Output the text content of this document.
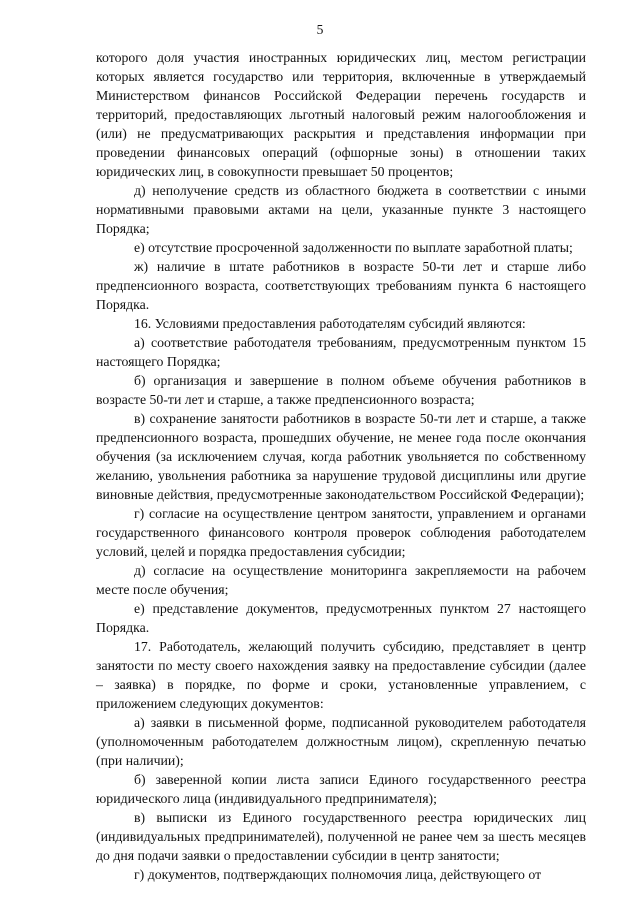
5

которого доля участия иностранных юридических лиц, местом регистрации которых является государство или территория, включенные в утверждаемый Министерством финансов Российской Федерации перечень государств и территорий, предоставляющих льготный налоговый режим налогообложения и (или) не предусматривающих раскрытия и представления информации при проведении финансовых операций (офшорные зоны) в отношении таких юридических лиц, в совокупности превышает 50 процентов;

д) неполучение средств из областного бюджета в соответствии с иными нормативными правовыми актами на цели, указанные пункте 3 настоящего Порядка;

е) отсутствие просроченной задолженности по выплате заработной платы;

ж) наличие в штате работников в возрасте 50-ти лет и старше либо предпенсионного возраста, соответствующих требованиям пункта 6 настоящего Порядка.

16. Условиями предоставления работодателям субсидий являются:

а) соответствие работодателя требованиям, предусмотренным пунктом 15 настоящего Порядка;

б) организация и завершение в полном объеме обучения работников в возрасте 50-ти лет и старше, а также предпенсионного возраста;

в) сохранение занятости работников в возрасте 50-ти лет и старше, а также предпенсионного возраста, прошедших обучение, не менее года после окончания обучения (за исключением случая, когда работник увольняется по собственному желанию, увольнения работника за нарушение трудовой дисциплины или другие виновные действия, предусмотренные законодательством Российской Федерации);

г) согласие на осуществление центром занятости, управлением и органами государственного финансового контроля проверок соблюдения работодателем условий, целей и порядка предоставления субсидии;

д) согласие на осуществление мониторинга закрепляемости на рабочем месте после обучения;

е) представление документов, предусмотренных пунктом 27 настоящего Порядка.

17. Работодатель, желающий получить субсидию, представляет в центр занятости по месту своего нахождения заявку на предоставление субсидии (далее – заявка) в порядке, по форме и сроки, установленные управлением, с приложением следующих документов:

а) заявки в письменной форме, подписанной руководителем работодателя (уполномоченным работодателем должностным лицом), скрепленную печатью (при наличии);

б) заверенной копии листа записи Единого государственного реестра юридического лица (индивидуального предпринимателя);

в) выписки из Единого государственного реестра юридических лиц (индивидуальных предпринимателей), полученной не ранее чем за шесть месяцев до дня подачи заявки о предоставлении субсидии в центр занятости;

г) документов, подтверждающих полномочия лица, действующего от
